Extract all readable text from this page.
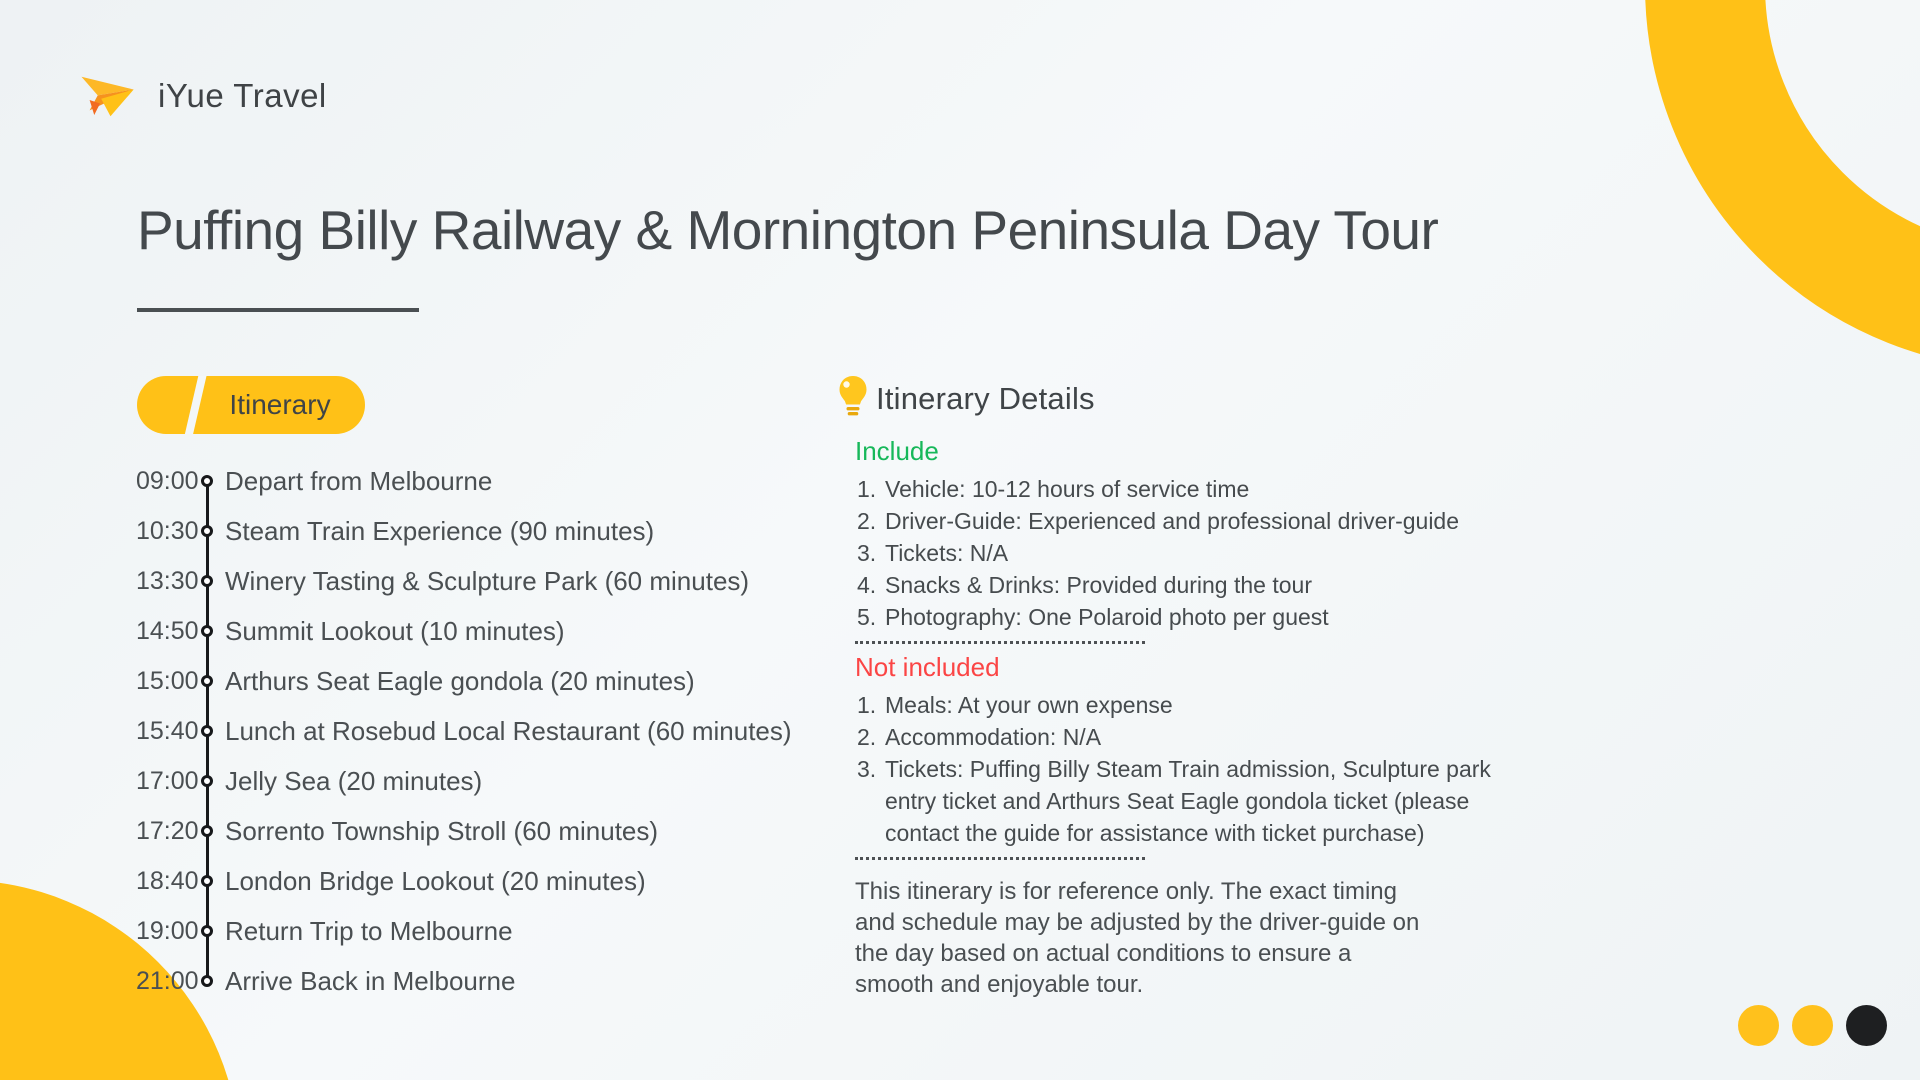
iYue Travel
Puffing Billy Railway & Mornington Peninsula Day Tour
Itinerary
09:00 Depart from Melbourne
10:30 Steam Train Experience (90 minutes)
13:30 Winery Tasting & Sculpture Park (60 minutes)
14:50 Summit Lookout (10 minutes)
15:00 Arthurs Seat Eagle gondola (20 minutes)
15:40 Lunch at Rosebud Local Restaurant (60 minutes)
17:00 Jelly Sea (20 minutes)
17:20 Sorrento Township Stroll (60 minutes)
18:40 London Bridge Lookout (20 minutes)
19:00 Return Trip to Melbourne
21:00 Arrive Back in Melbourne
Itinerary Details
Include
Vehicle: 10-12 hours of service time
Driver-Guide: Experienced and professional driver-guide
Tickets: N/A
Snacks & Drinks: Provided during the tour
Photography: One Polaroid photo per guest
Not included
Meals: At your own expense
Accommodation: N/A
Tickets: Puffing Billy Steam Train admission, Sculpture park entry ticket and Arthurs Seat Eagle gondola ticket (please contact the guide for assistance with ticket purchase)

This itinerary is for reference only. The exact timing and schedule may be adjusted by the driver-guide on the day based on actual conditions to ensure a smooth and enjoyable tour.
